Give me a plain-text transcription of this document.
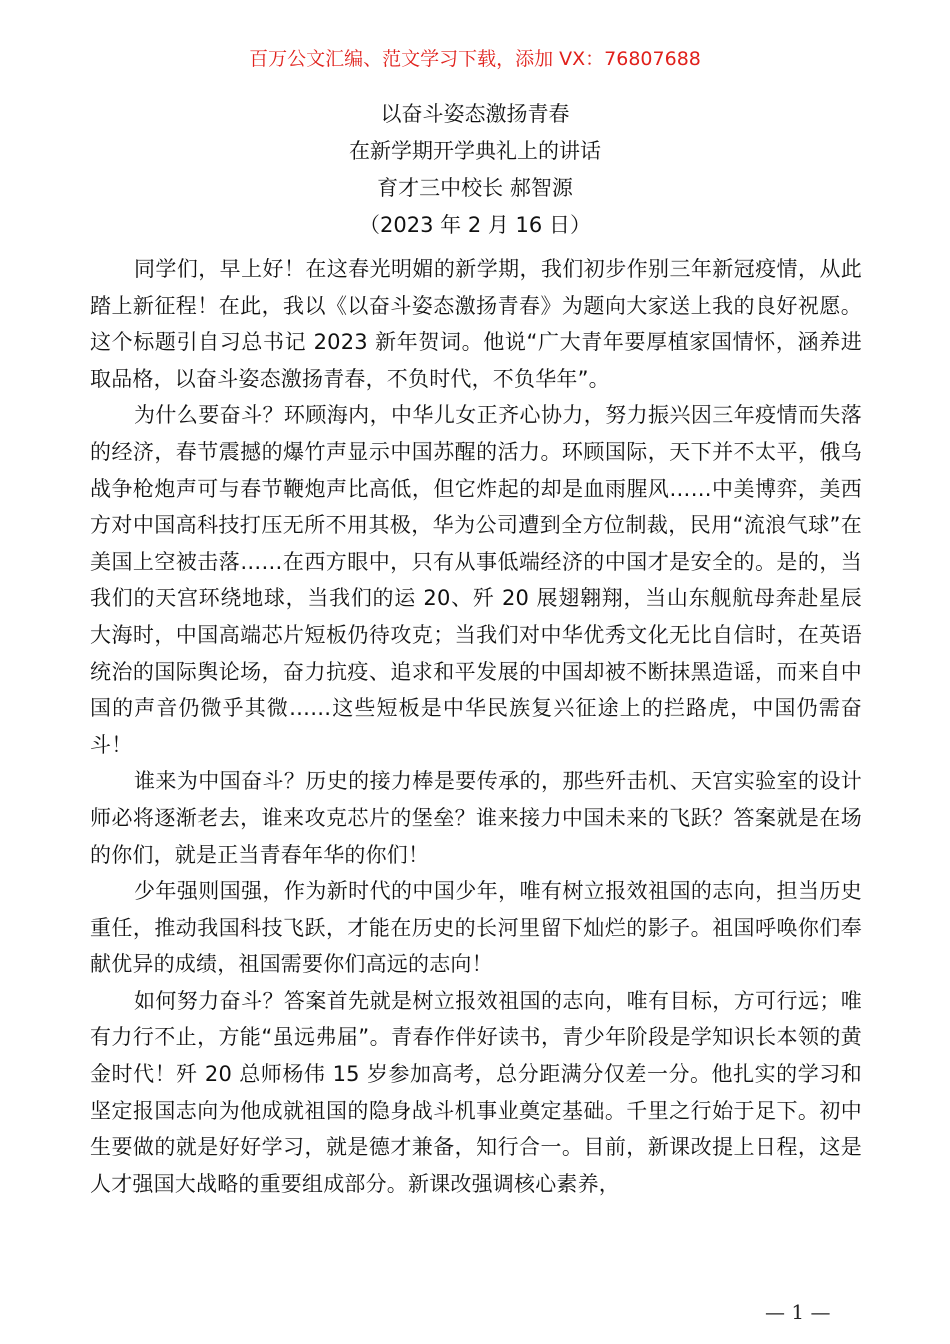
百万公文汇编、范文学习下载，添加 VX：76807688
以奋斗姿态激扬青春
在新学期开学典礼上的讲话
育才三中校长 郝智源
（2023 年 2 月 16 日）

同学们，早上好！在这春光明媚的新学期，我们初步作别三年新冠疫情，从此踏上新征程！在此，我以《以奋斗姿态激扬青春》为题向大家送上我的良好祝愿。这个标题引自习总书记 2023 新年贺词。他说“广大青年要厚植家国情怀，涵养进取品格，以奋斗姿态激扬青春，不负时代，不负华年”。

为什么要奋斗？环顾海内，中华儿女正齐心协力，努力振兴因三年疫情而失落的经济，春节震撼的爆竹声显示中国苏醒的活力。环顾国际，天下并不太平，俄乌战争枪炮声可与春节鞭炮声比高低，但它炸起的却是血雨腥风……中美博弈，美西方对中国高科技打压无所不用其极，华为公司遭到全方位制裁，民用“流浪气球”在美国上空被击落……在西方眼中，只有从事低端经济的中国才是安全的。是的，当我们的天宫环绕地球，当我们的运 20、歼 20 展翅翱翔，当山东舰航母奔赴星辰大海时，中国高端芯片短板仍待攻克；当我们对中华优秀文化无比自信时，在英语统治的国际舆论场，奋力抗疫、追求和平发展的中国却被不断抹黑造谣，而来自中国的声音仍微乎其微……这些短板是中华民族复兴征途上的拦路虎，中国仍需奋斗！

谁来为中国奋斗？历史的接力棒是要传承的，那些歼击机、天宫实验室的设计师必将逐渐老去，谁来攻克芯片的堡垒？谁来接力中国未来的飞跃？答案就是在场的你们，就是正当青春年华的你们！

少年强则国强，作为新时代的中国少年，唯有树立报效祖国的志向，担当历史重任，推动我国科技飞跃，才能在历史的长河里留下灿烂的影子。祖国呼唤你们奉献优异的成绩，祖国需要你们高远的志向！

如何努力奋斗？答案首先就是树立报效祖国的志向，唯有目标，方可行远；唯有力行不止，方能“虽远弗届”。青春作伴好读书，青少年阶段是学知识长本领的黄金时代！歼 20 总师杨伟 15 岁参加高考，总分距满分仅差一分。他扎实的学习和坚定报国志向为他成就祖国的隐身战斗机事业奠定基础。千里之行始于足下。初中生要做的就是好好学习，就是德才兼备，知行合一。目前，新课改提上日程，这是人才强国大战略的重要组成部分。新课改强调核心素养，

— 1 —
